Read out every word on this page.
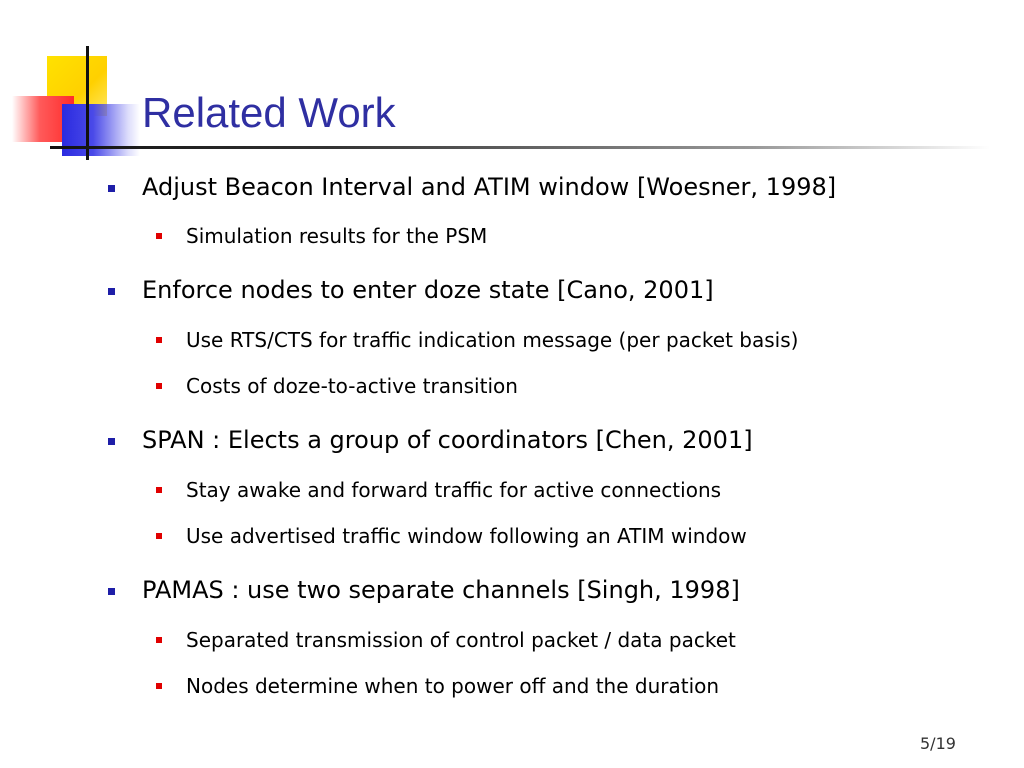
Related Work
Adjust Beacon Interval and ATIM window [Woesner, 1998]
Simulation results for the PSM
Enforce nodes to enter doze state [Cano, 2001]
Use RTS/CTS for traffic indication message (per packet basis)
Costs of doze-to-active transition
SPAN : Elects a group of coordinators [Chen, 2001]
Stay awake and forward traffic for active connections
Use advertised traffic window following an ATIM window
PAMAS : use two separate channels [Singh, 1998]
Separated transmission of control packet / data packet
Nodes determine when to power off and the duration
5/19
